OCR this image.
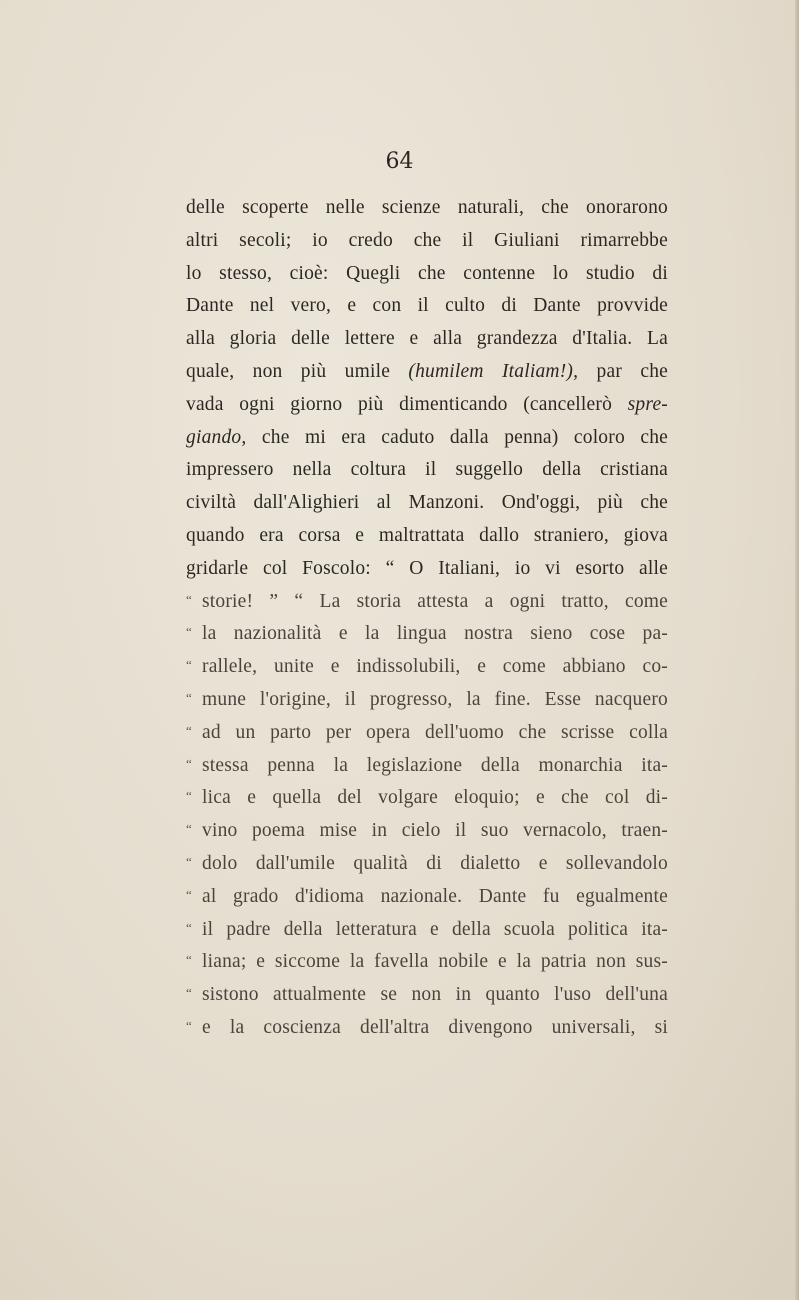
64
delle scoperte nelle scienze naturali, che onorarono
altri secoli; io credo che il Giuliani rimarrebbe
lo stesso, cioè: Quegli che contenne lo studio di
Dante nel vero, e con il culto di Dante provvide
alla gloria delle lettere e alla grandezza d'Italia. La
quale, non più umile (humilem Italiam!), par che
vada ogni giorno più dimenticando (cancellerò spre-
giando, che mi era caduto dalla penna) coloro che
impressero nella coltura il suggello della cristiana
civiltà dall'Alighieri al Manzoni. Ond'oggi, più che
quando era corsa e maltrattata dallo straniero, giova
gridarle col Foscolo: “ O Italiani, io vi esorto alle
“ storie! ” “ La storia attesta a ogni tratto, come
“ la nazionalità e la lingua nostra sieno cose pa-
“ rallele, unite e indissolubili, e come abbiano co-
“ mune l'origine, il progresso, la fine. Esse nacquero
“ ad un parto per opera dell'uomo che scrisse colla
“ stessa penna la legislazione della monarchia ita-
“ lica e quella del volgare eloquio; e che col di-
“ vino poema mise in cielo il suo vernacolo, traen-
“ dolo dall'umile qualità di dialetto e sollevandolo
“ al grado d'idioma nazionale. Dante fu egualmente
“ il padre della letteratura e della scuola politica ita-
“ liana; e siccome la favella nobile e la patria non sus-
“ sistono attualmente se non in quanto l'uso dell'una
“ e la coscienza dell'altra divengono universali, si
